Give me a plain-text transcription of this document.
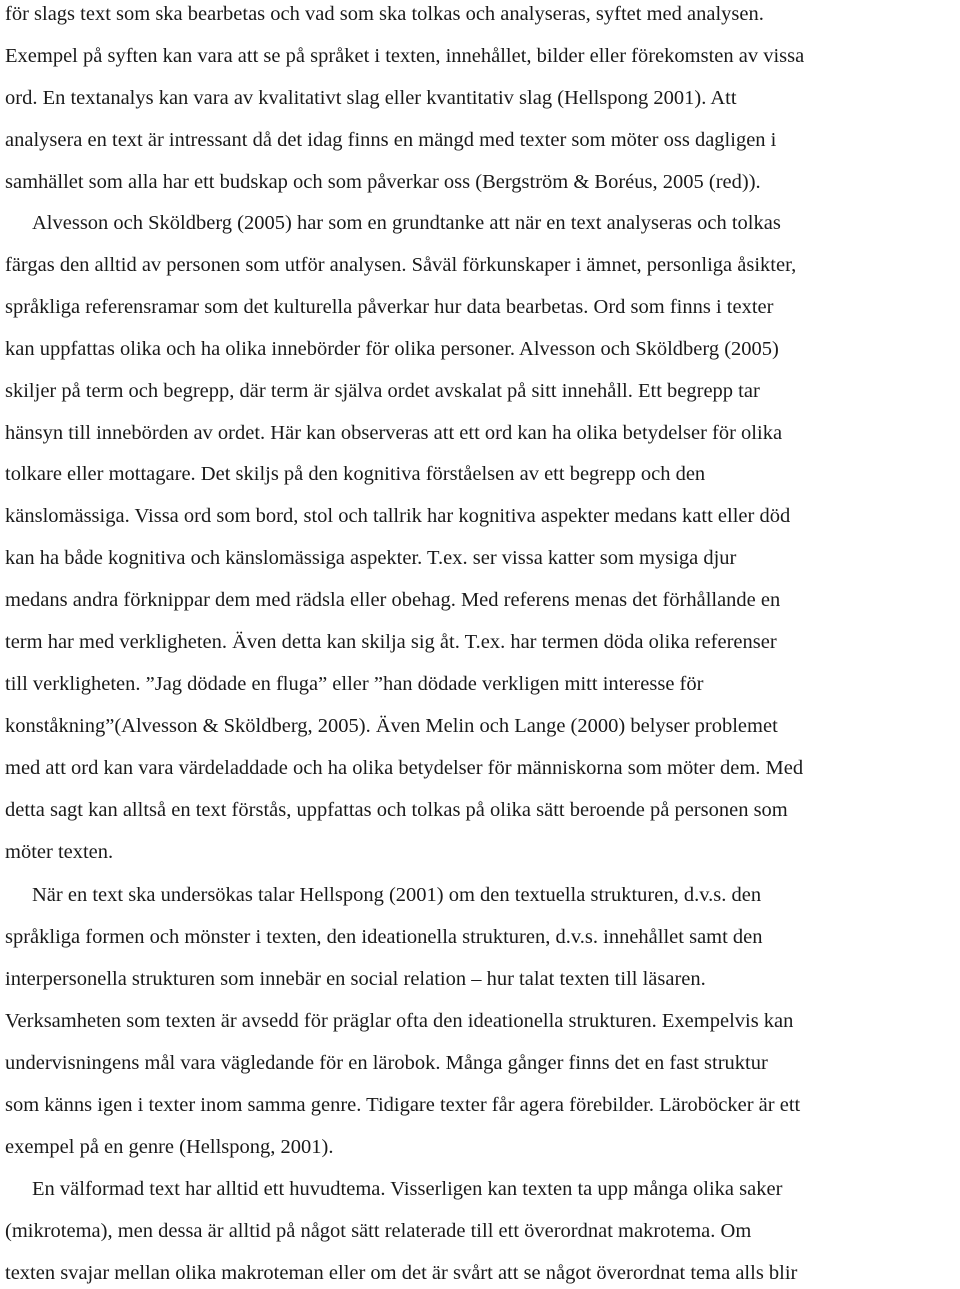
för slags text som ska bearbetas och vad som ska tolkas och analyseras, syftet med analysen.
Exempel på syften kan vara att se på språket i texten, innehållet, bilder eller förekomsten av vissa
ord. En textanalys kan vara av kvalitativt slag eller kvantitativ slag (Hellspong 2001). Att
analysera en text är intressant då det idag finns en mängd med texter som möter oss dagligen i
samhället som alla har ett budskap och som påverkar oss (Bergström & Boréus, 2005 (red)).
Alvesson och Sköldberg (2005) har som en grundtanke att när en text analyseras och tolkas
färgas den alltid av personen som utför analysen. Såväl förkunskaper i ämnet, personliga åsikter,
språkliga referensramar som det kulturella påverkar hur data bearbetas. Ord som finns i texter
kan uppfattas olika och ha olika innebörder för olika personer. Alvesson och Sköldberg (2005)
skiljer på term och begrepp, där term är själva ordet avskalat på sitt innehåll. Ett begrepp tar
hänsyn till innebörden av ordet. Här kan observeras att ett ord kan ha olika betydelser för olika
tolkare eller mottagare. Det skiljs på den kognitiva förståelsen av ett begrepp och den
känslomässiga. Vissa ord som bord, stol och tallrik har kognitiva aspekter medans katt eller död
kan ha både kognitiva och känslomässiga aspekter. T.ex. ser vissa katter som mysiga djur
medans andra förknippar dem med rädsla eller obehag. Med referens menas det förhållande en
term har med verkligheten. Även detta kan skilja sig åt. T.ex. har termen döda olika referenser
till verkligheten. ”Jag dödade en fluga” eller ”han dödade verkligen mitt interesse för
konståkning”(Alvesson & Sköldberg, 2005). Även Melin och Lange (2000) belyser problemet
med att ord kan vara värdeladdade och ha olika betydelser för människorna som möter dem. Med
detta sagt kan alltså en text förstås, uppfattas och tolkas på olika sätt beroende på personen som
möter texten.
När en text ska undersökas talar Hellspong (2001) om den textuella strukturen, d.v.s. den
språkliga formen och mönster i texten, den ideationella strukturen, d.v.s. innehållet samt den
interpersonella strukturen som innebär en social relation – hur talat texten till läsaren.
Verksamheten som texten är avsedd för präglar ofta den ideationella strukturen. Exempelvis kan
undervisningens mål vara vägledande för en lärobok. Många gånger finns det en fast struktur
som känns igen i texter inom samma genre. Tidigare texter får agera förebilder. Läroböcker är ett
exempel på en genre (Hellspong, 2001).
En välformad text har alltid ett huvudtema. Visserligen kan texten ta upp många olika saker
(mikrotema), men dessa är alltid på något sätt relaterade till ett överordnat makrotema. Om
texten svajar mellan olika makroteman eller om det är svårt att se något överordnat tema alls blir
